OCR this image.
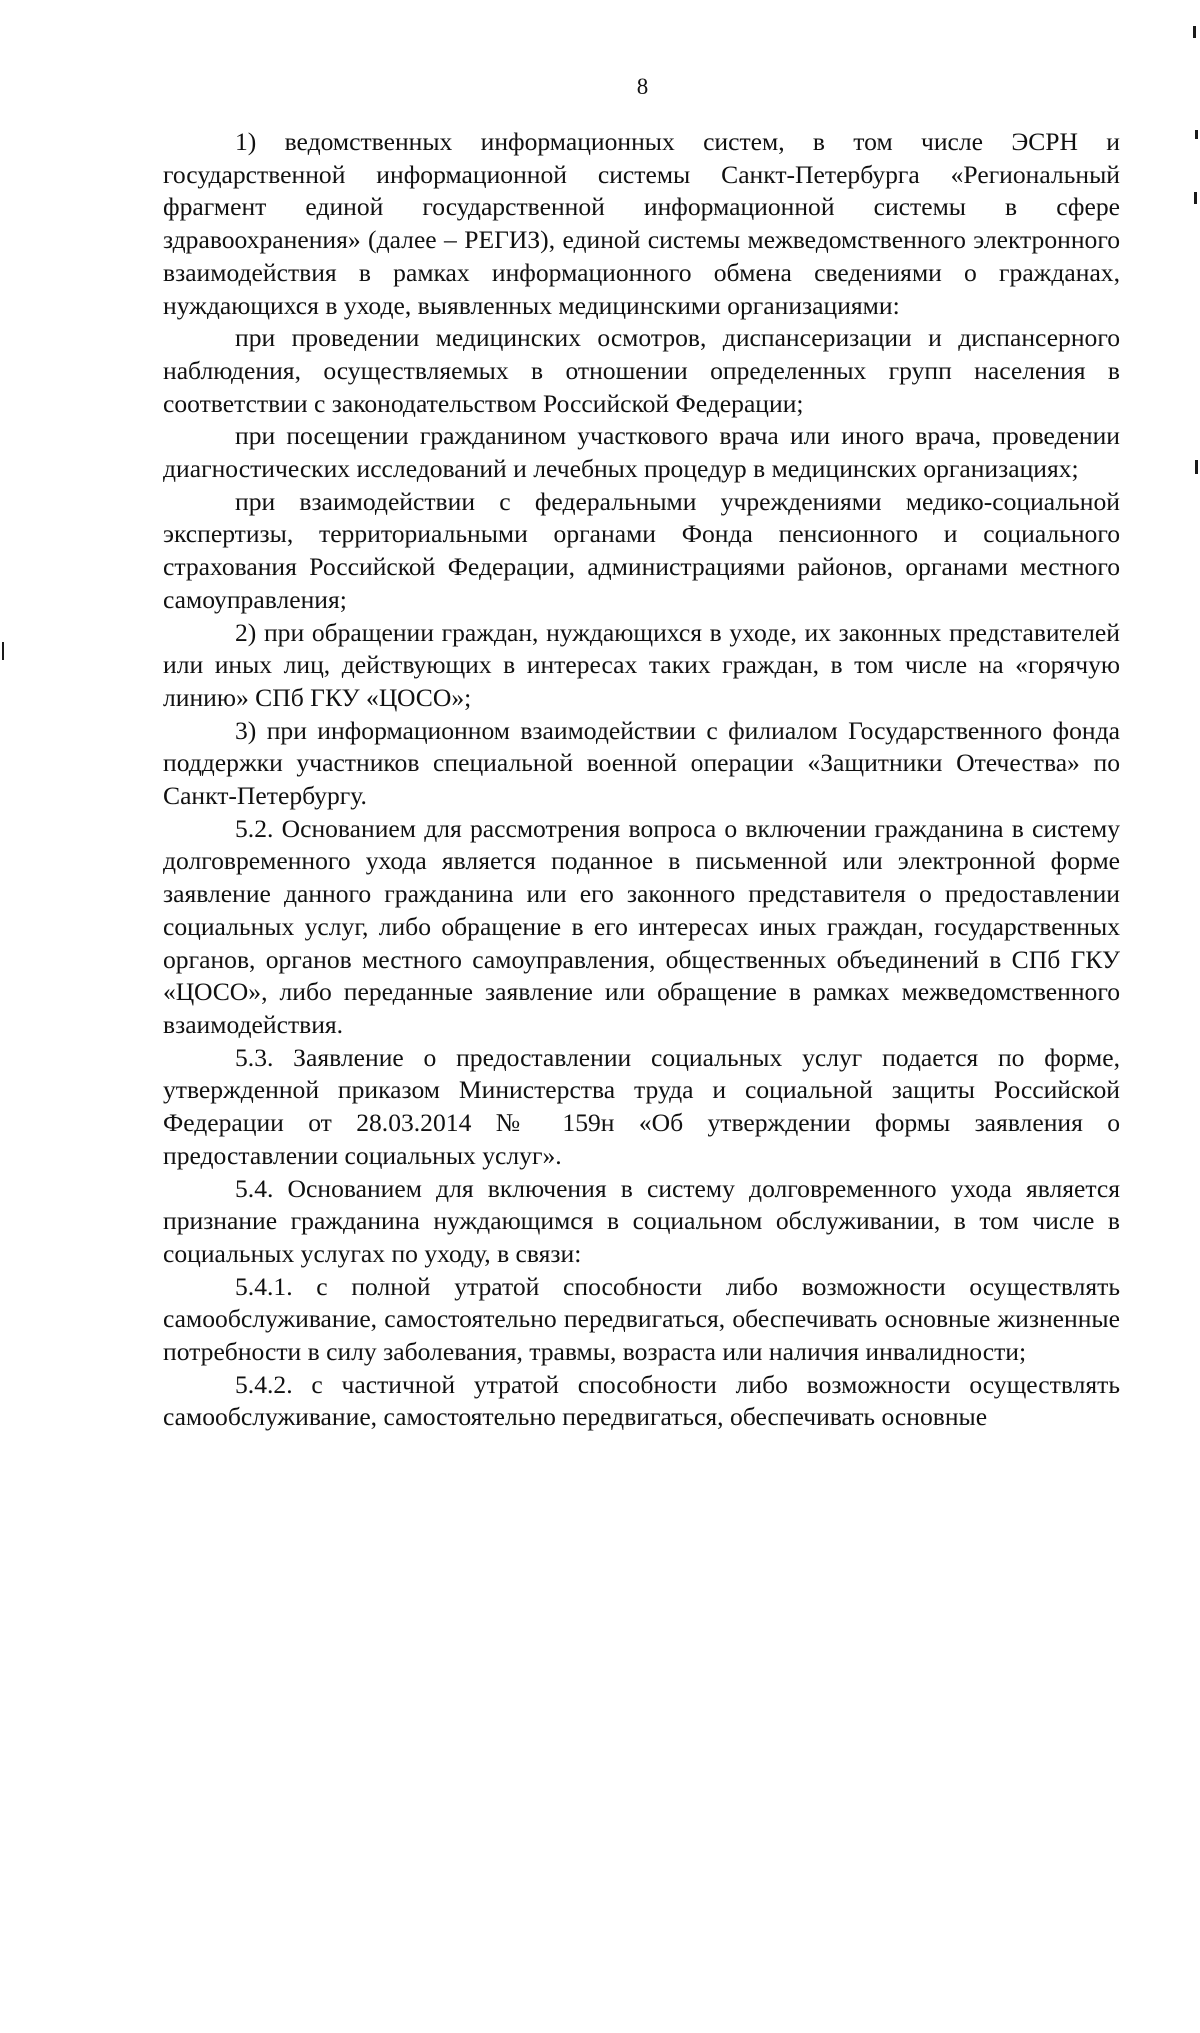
8

1) ведомственных информационных систем, в том числе ЭСРН и государственной информационной системы Санкт-Петербурга «Региональный фрагмент единой государственной информационной системы в сфере здравоохранения» (далее – РЕГИЗ), единой системы межведомственного электронного взаимодействия в рамках информационного обмена сведениями о гражданах, нуждающихся в уходе, выявленных медицинскими организациями:

при проведении медицинских осмотров, диспансеризации и диспансерного наблюдения, осуществляемых в отношении определенных групп населения в соответствии с законодательством Российской Федерации;

при посещении гражданином участкового врача или иного врача, проведении диагностических исследований и лечебных процедур в медицинских организациях;

при взаимодействии с федеральными учреждениями медико-социальной экспертизы, территориальными органами Фонда пенсионного и социального страхования Российской Федерации, администрациями районов, органами местного самоуправления;

2) при обращении граждан, нуждающихся в уходе, их законных представителей или иных лиц, действующих в интересах таких граждан, в том числе на «горячую линию» СПб ГКУ «ЦОСО»;

3) при информационном взаимодействии с филиалом Государственного фонда поддержки участников специальной военной операции «Защитники Отечества» по Санкт-Петербургу.

5.2. Основанием для рассмотрения вопроса о включении гражданина в систему долговременного ухода является поданное в письменной или электронной форме заявление данного гражданина или его законного представителя о предоставлении социальных услуг, либо обращение в его интересах иных граждан, государственных органов, органов местного самоуправления, общественных объединений в СПб ГКУ «ЦОСО», либо переданные заявление или обращение в рамках межведомственного взаимодействия.

5.3. Заявление о предоставлении социальных услуг подается по форме, утвержденной приказом Министерства труда и социальной защиты Российской Федерации от 28.03.2014 № 159н «Об утверждении формы заявления о предоставлении социальных услуг».

5.4. Основанием для включения в систему долговременного ухода является признание гражданина нуждающимся в социальном обслуживании, в том числе в социальных услугах по уходу, в связи:

5.4.1. с полной утратой способности либо возможности осуществлять самообслуживание, самостоятельно передвигаться, обеспечивать основные жизненные потребности в силу заболевания, травмы, возраста или наличия инвалидности;

5.4.2. с частичной утратой способности либо возможности осуществлять самообслуживание, самостоятельно передвигаться, обеспечивать основные
